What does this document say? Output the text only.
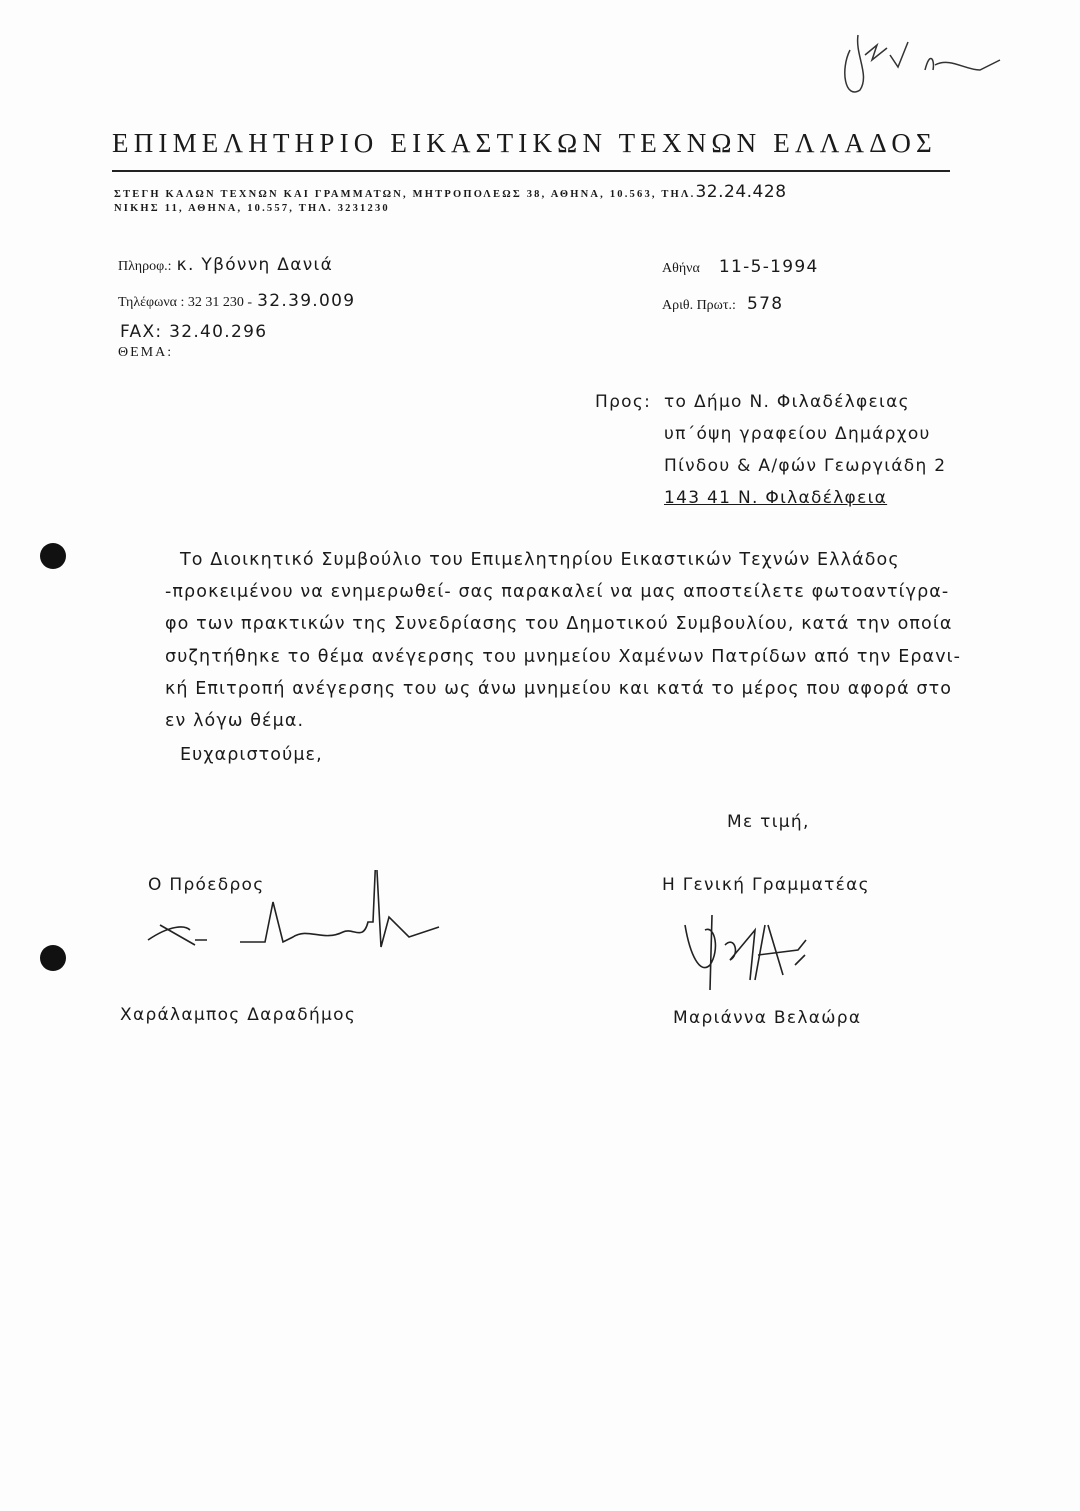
ΕΠΙΜΕΛΗΤΗΡΙΟ ΕΙΚΑΣΤΙΚΩΝ ΤΕΧΝΩΝ ΕΛΛΑΔΟΣ
ΣΤΕΓΗ ΚΑΛΩΝ ΤΕΧΝΩΝ ΚΑΙ ΓΡΑΜΜΑΤΩΝ, ΜΗΤΡΟΠΟΛΕΩΣ 38, ΑΘΗΝΑ, 10.563, ΤΗΛ.32.24.428
ΝΙΚΗΣ 11, ΑΘΗΝΑ, 10.557, ΤΗΛ. 3231230
Πληροφ.: κ. Υβόννη Δανιά
Τηλέφωνα : 32 31 230 - 32.39.009
FAX: 32.40.296
ΘΕΜΑ:
Αθήνα 11-5-1994
Αριθ. Πρωτ.: 578
Προς: το Δήμο Ν. Φιλαδέλφειας
υπ΄όψη γραφείου Δημάρχου
Πίνδου & Α/φών Γεωργιάδη 2
143 41 Ν. Φιλαδέλφεια
Το Διοικητικό Συμβούλιο του Επιμελητηρίου Εικαστικών Τεχνών Ελλάδος
-προκειμένου να ενημερωθεί- σας παρακαλεί να μας αποστείλετε φωτοαντίγρα-
φο των πρακτικών της Συνεδρίασης του Δημοτικού Συμβουλίου, κατά την οποία
συζητήθηκε το θέμα ανέγερσης του μνημείου Χαμένων Πατρίδων από την Εραvι-
κή Επιτροπή ανέγερσης του ως άνω μνημείου και κατά το μέρος που αφορά στο
εν λόγω θέμα.
Ευχαριστούμε,
Με τιμή,
Ο Πρόεδρος	Η Γενική Γραμματέας
Χαράλαμπος Δαραδήμος	Μαριάννα Βελαώρα
